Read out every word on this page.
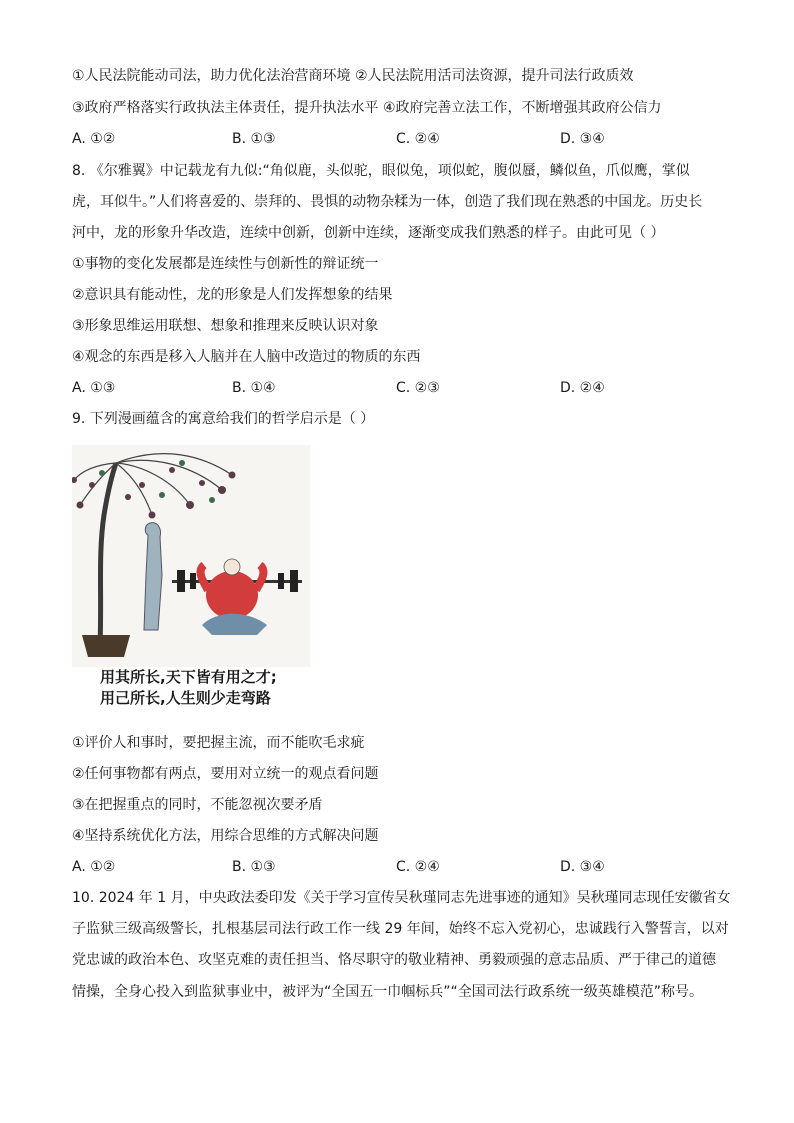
①人民法院能动司法，助力优化法治营商环境 ②人民法院用活司法资源，提升司法行政质效
③政府严格落实行政执法主体责任，提升执法水平 ④政府完善立法工作，不断增强其政府公信力
A. ①②	B. ①③	C. ②④	D. ③④
8. 《尔雅翼》中记载龙有九似:“角似鹿，头似驼，眼似兔，项似蛇，腹似蜃，鳞似鱼，爪似鹰，掌似
虎，耳似牛。”人们将喜爱的、崇拜的、畏惧的动物杂糅为一体，创造了我们现在熟悉的中国龙。历史长
河中，龙的形象升华改造，连续中创新，创新中连续，逐渐变成我们熟悉的样子。由此可见（ ）
①事物的变化发展都是连续性与创新性的辩证统一
②意识具有能动性，龙的形象是人们发挥想象的结果
③形象思维运用联想、想象和推理来反映认识对象
④观念的东西是移入人脑并在人脑中改造过的物质的东西
A. ①③	B. ①④	C. ②③	D. ②④
9. 下列漫画蕴含的寓意给我们的哲学启示是（ ）
用其所长,天下皆有用之才;
用己所长,人生则少走弯路
①评价人和事时，要把握主流，而不能吹毛求疵
②任何事物都有两点，要用对立统一的观点看问题
③在把握重点的同时，不能忽视次要矛盾
④坚持系统优化方法，用综合思维的方式解决问题
A. ①②	B. ①③	C. ②④	D. ③④
10. 2024 年 1 月，中央政法委印发《关于学习宣传吴秋瑾同志先进事迹的通知》吴秋瑾同志现任安徽省女
子监狱三级高级警长，扎根基层司法行政工作一线 29 年间，始终不忘入党初心，忠诚践行入警誓言，以对
党忠诚的政治本色、攻坚克难的责任担当、恪尽职守的敬业精神、勇毅顽强的意志品质、严于律己的道德
情操，全身心投入到监狱事业中，被评为“全国五一巾帼标兵”“全国司法行政系统一级英雄模范”称号。
